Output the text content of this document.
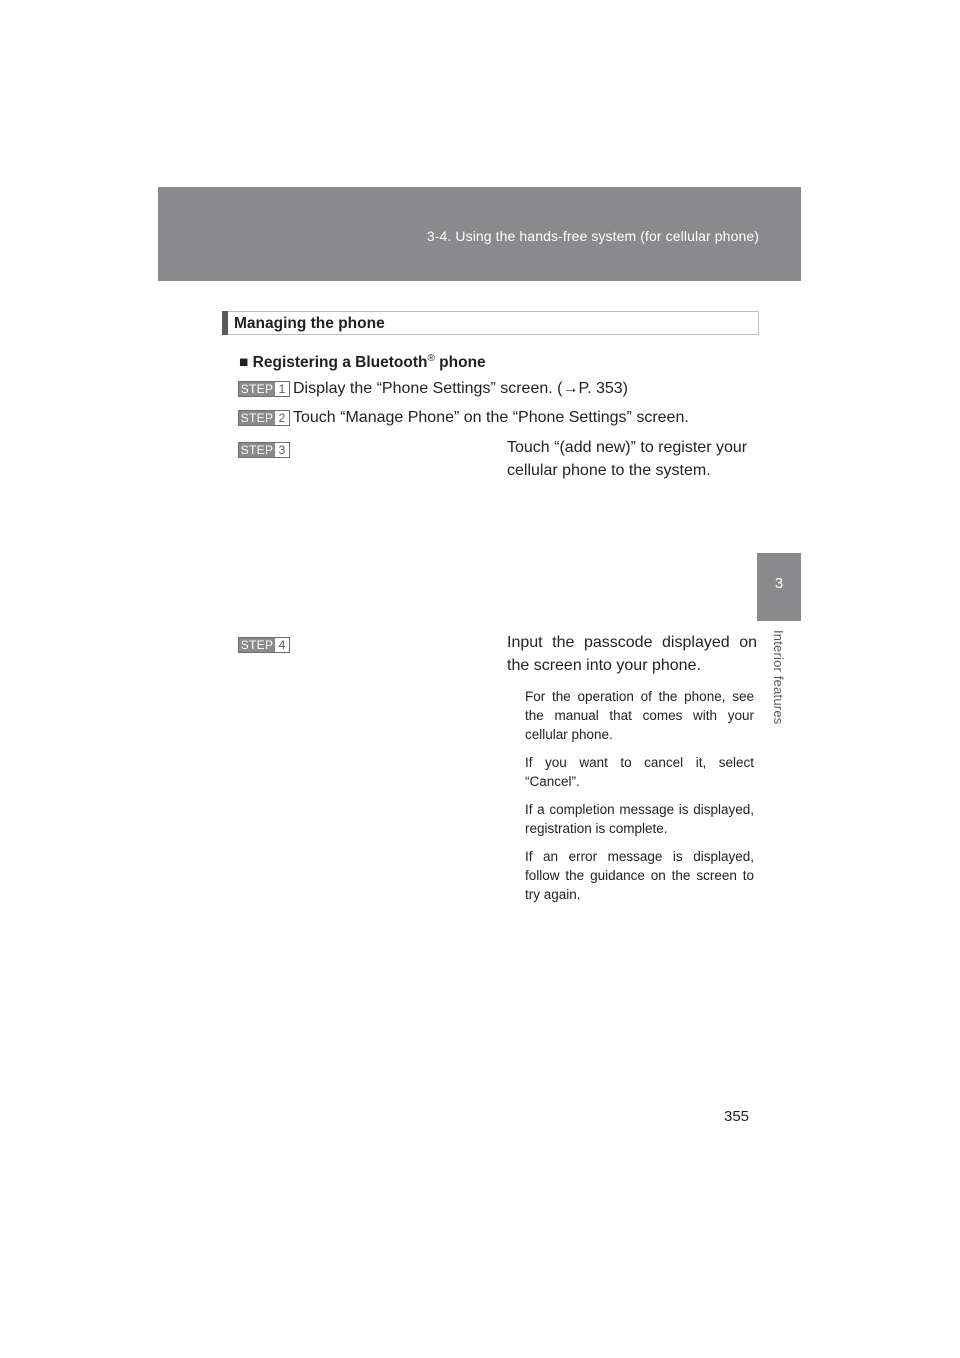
3-4. Using the hands-free system (for cellular phone)
3
Interior features
Managing the phone
■ Registering a Bluetooth® phone
STEP 1 Display the “Phone Settings” screen. (→P. 353)
STEP 2 Touch “Manage Phone” on the “Phone Settings” screen.
STEP 3	Touch “(add new)” to register your
cellular phone to the system.
STEP 4	Input the passcode displayed on
the screen into your phone.
For the operation of the phone, see the manual that comes with your cellular phone.
If you want to cancel it, select “Cancel”.
If a completion message is displayed, registration is complete.
If an error message is displayed, follow the guidance on the screen to try again.
355
